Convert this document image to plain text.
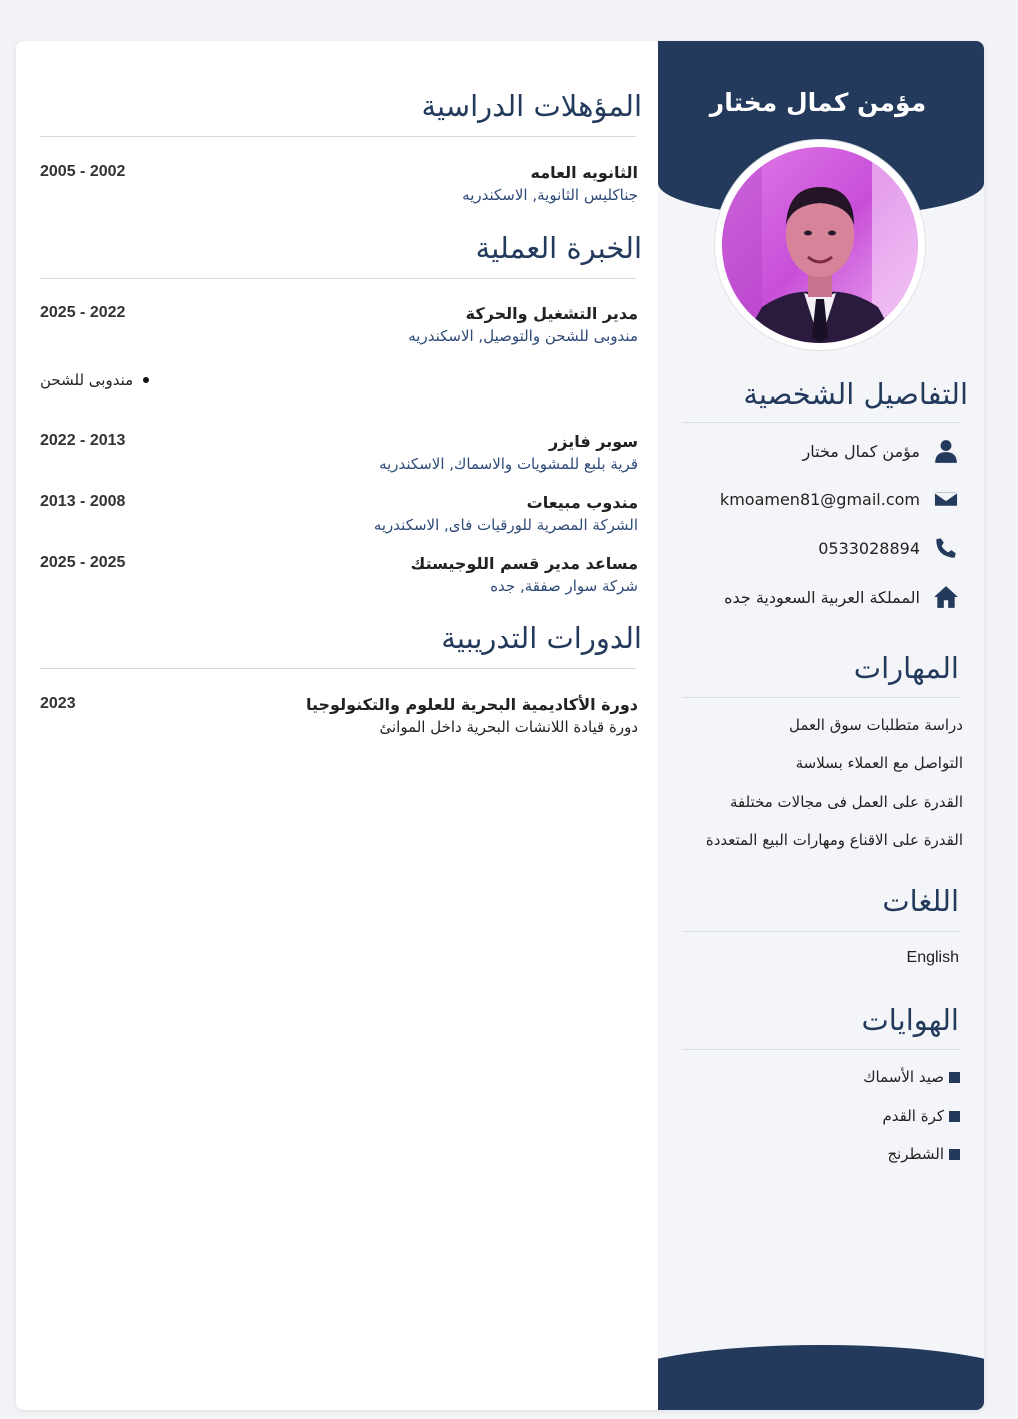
مؤمن كمال مختار
التفاصيل الشخصية
مؤمن كمال مختار
kmoamen81@gmail.com
0533028894
المملكة العربية السعودية جده
المهارات
دراسة متطلبات سوق العمل
التواصل مع العملاء بسلاسة
القدرة على العمل فى مجالات مختلفة
القدرة على الاقناع ومهارات البيع المتعددة
اللغات
English
الهوايات
صيد الأسماك
كرة القدم
الشطرنج
المؤهلات الدراسية
الثانويه العامه
2005 - 2002
جناكليس الثانوية, الاسكندريه
الخبرة العملية
مدير التشغيل والحركة
2025 - 2022
مندوبى للشحن والتوصيل, الاسكندريه
مندوبى للشحن
سوبر فايزر
2022 - 2013
قرية بلبع للمشويات والاسماك, الاسكندريه
مندوب مبيعات
2013 - 2008
الشركة المصرية للورقيات فاى, الاسكندريه
مساعد مدير قسم اللوجيستك
2025 - 2025
شركة سوار صفقة, جده
الدورات التدريبية
دورة الأكاديمية البحرية للعلوم والتكنولوجيا
2023
دورة قيادة اللانشات البحرية داخل الموانئ
